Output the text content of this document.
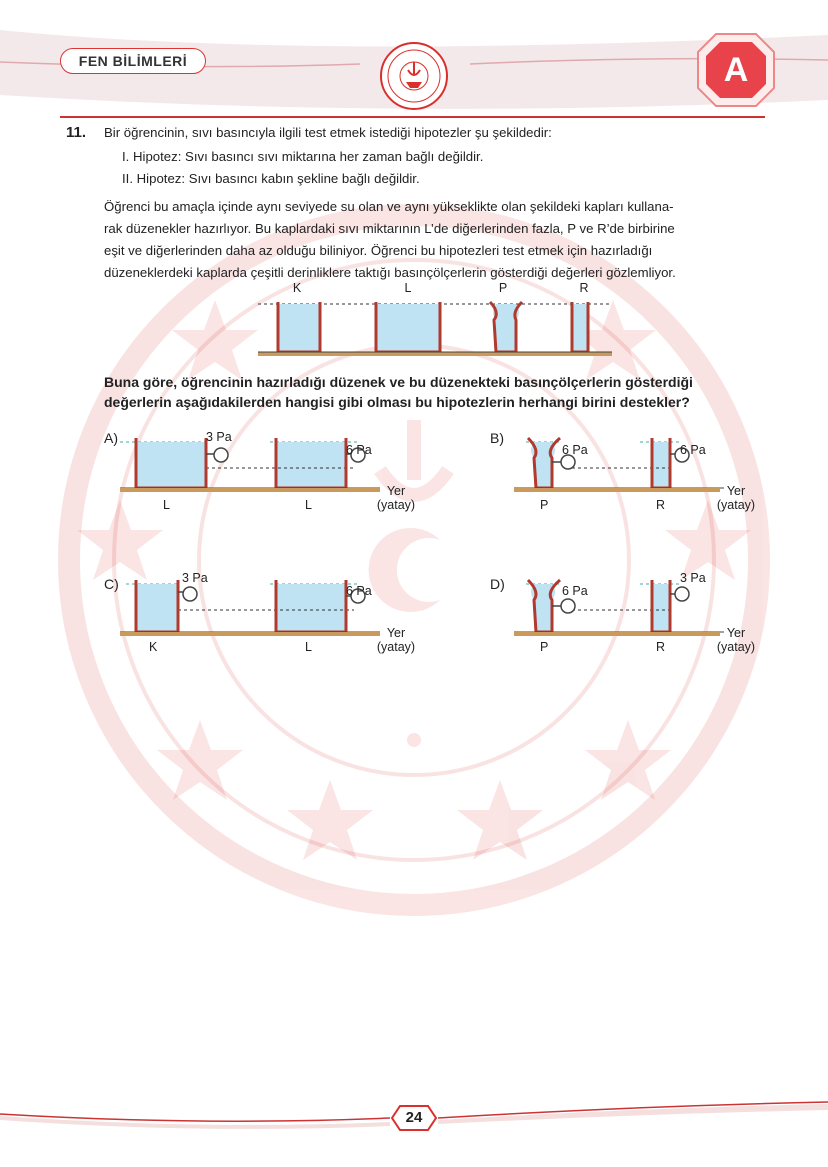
A
FEN BİLİMLERİ
11. Bir öğrencinin, sıvı basıncıyla ilgili test etmek istediği hipotezler şu şekildedir:
I. Hipotez: Sıvı basıncı sıvı miktarına her zaman bağlı değildir.
II. Hipotez: Sıvı basıncı kabın şekline bağlı değildir.
Öğrenci bu amaçla içinde aynı seviyede su olan ve aynı yükseklikte olan şekildeki kapları kullana-
rak düzenekler hazırlıyor. Bu kaplardaki sıvı miktarının L’de diğerlerinden fazla, P ve R’de birbirine
eşit ve diğerlerinden daha az olduğu biliniyor. Öğrenci bu hipotezleri test etmek için hazırladığı
düzeneklerdeki kaplarda çeşitli derinliklere taktığı basınçölçerlerin gösterdiği değerleri gözlemliyor.
K	L	P	R
Buna göre, öğrencinin hazırladığı düzenek ve bu düzenekteki basınçölçerlerin gösterdiği
değerlerin aşağıdakilerden hangisi gibi olması bu hipotezlerin herhangi birini destekler?
A)	3 Pa
6 Pa
L	L
Yer
(yatay)
B)
6 Pa	6 Pa
P	R
Yer
(yatay)
C)	3 Pa
6 Pa
K	L
Yer
(yatay)
D)	6 Pa
3 Pa
P	R
Yer
(yatay)
24
